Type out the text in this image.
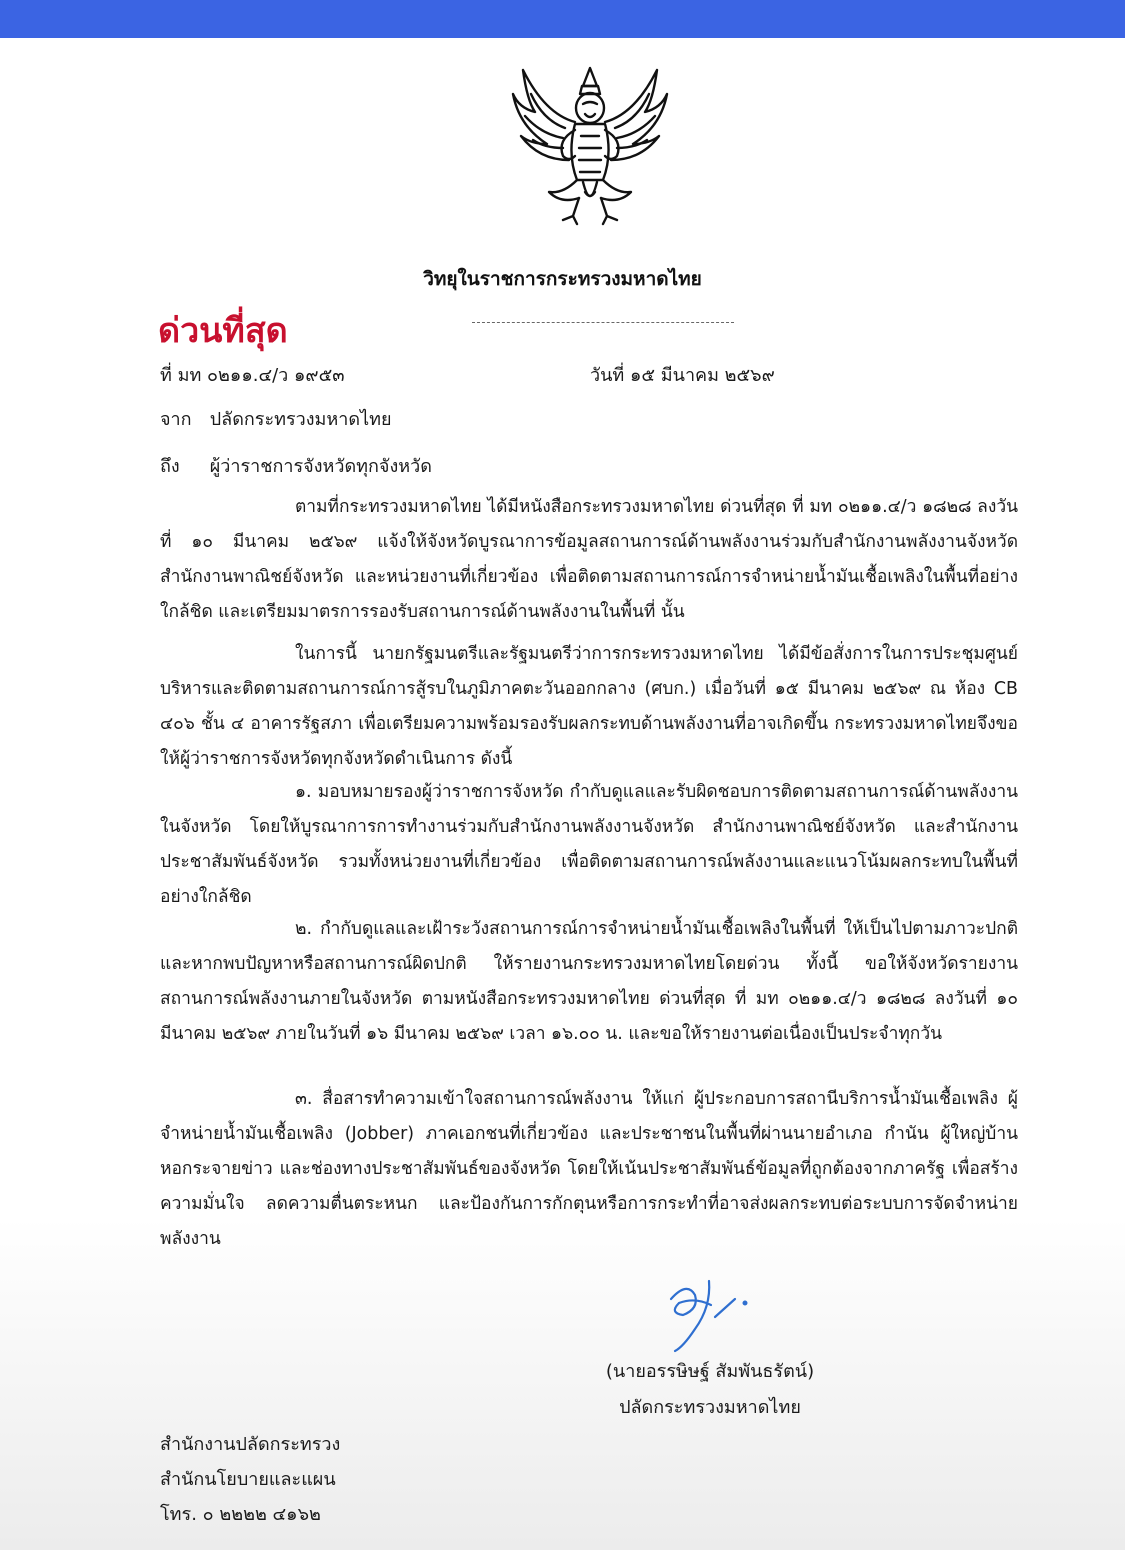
วิทยุในราชการกระทรวงมหาดไทย
ด่วนที่สุด
ที่ มท ๐๒๑๑.๔/ว ๑๙๕๓	วันที่ ๑๕ มีนาคม ๒๕๖๙
จาก ปลัดกระทรวงมหาดไทย
ถึง ผู้ว่าราชการจังหวัดทุกจังหวัด

ตามที่กระทรวงมหาดไทย ได้มีหนังสือกระทรวงมหาดไทย ด่วนที่สุด ที่ มท ๐๒๑๑.๔/ว ๑๘๒๘ ลงวันที่ ๑๐ มีนาคม ๒๕๖๙ แจ้งให้จังหวัดบูรณาการข้อมูลสถานการณ์ด้านพลังงานร่วมกับสำนักงานพลังงานจังหวัด สำนักงานพาณิชย์จังหวัด และหน่วยงานที่เกี่ยวข้อง เพื่อติดตามสถานการณ์การจำหน่ายน้ำมันเชื้อเพลิงในพื้นที่อย่างใกล้ชิด และเตรียมมาตรการรองรับสถานการณ์ด้านพลังงานในพื้นที่ นั้น

ในการนี้ นายกรัฐมนตรีและรัฐมนตรีว่าการกระทรวงมหาดไทย ได้มีข้อสั่งการในการประชุมศูนย์บริหารและติดตามสถานการณ์การสู้รบในภูมิภาคตะวันออกกลาง (ศบก.) เมื่อวันที่ ๑๕ มีนาคม ๒๕๖๙ ณ ห้อง CB ๔๐๖ ชั้น ๔ อาคารรัฐสภา เพื่อเตรียมความพร้อมรองรับผลกระทบด้านพลังงานที่อาจเกิดขึ้น กระทรวงมหาดไทยจึงขอให้ผู้ว่าราชการจังหวัดทุกจังหวัดดำเนินการ ดังนี้

๑. มอบหมายรองผู้ว่าราชการจังหวัด กำกับดูแลและรับผิดชอบการติดตามสถานการณ์ด้านพลังงานในจังหวัด โดยให้บูรณาการการทำงานร่วมกับสำนักงานพลังงานจังหวัด สำนักงานพาณิชย์จังหวัด และสำนักงานประชาสัมพันธ์จังหวัด รวมทั้งหน่วยงานที่เกี่ยวข้อง เพื่อติดตามสถานการณ์พลังงานและแนวโน้มผลกระทบในพื้นที่อย่างใกล้ชิด

๒. กำกับดูแลและเฝ้าระวังสถานการณ์การจำหน่ายน้ำมันเชื้อเพลิงในพื้นที่ ให้เป็นไปตามภาวะปกติ และหากพบปัญหาหรือสถานการณ์ผิดปกติ ให้รายงานกระทรวงมหาดไทยโดยด่วน ทั้งนี้ ขอให้จังหวัดรายงานสถานการณ์พลังงานภายในจังหวัด ตามหนังสือกระทรวงมหาดไทย ด่วนที่สุด ที่ มท ๐๒๑๑.๔/ว ๑๘๒๘ ลงวันที่ ๑๐ มีนาคม ๒๕๖๙ ภายในวันที่ ๑๖ มีนาคม ๒๕๖๙ เวลา ๑๖.๐๐ น. และขอให้รายงานต่อเนื่องเป็นประจำทุกวัน

๓. สื่อสารทำความเข้าใจสถานการณ์พลังงาน ให้แก่ ผู้ประกอบการสถานีบริการน้ำมันเชื้อเพลิง ผู้จำหน่ายน้ำมันเชื้อเพลิง (Jobber) ภาคเอกชนที่เกี่ยวข้อง และประชาชนในพื้นที่ผ่านนายอำเภอ กำนัน ผู้ใหญ่บ้าน หอกระจายข่าว และช่องทางประชาสัมพันธ์ของจังหวัด โดยให้เน้นประชาสัมพันธ์ข้อมูลที่ถูกต้องจากภาครัฐ เพื่อสร้างความมั่นใจ ลดความตื่นตระหนก และป้องกันการกักตุนหรือการกระทำที่อาจส่งผลกระทบต่อระบบการจัดจำหน่ายพลังงาน

(นายอรรษิษฐ์ สัมพันธรัตน์)
ปลัดกระทรวงมหาดไทย
สำนักงานปลัดกระทรวง
สำนักนโยบายและแผน
โทร. ๐ ๒๒๒๒ ๔๑๖๒
